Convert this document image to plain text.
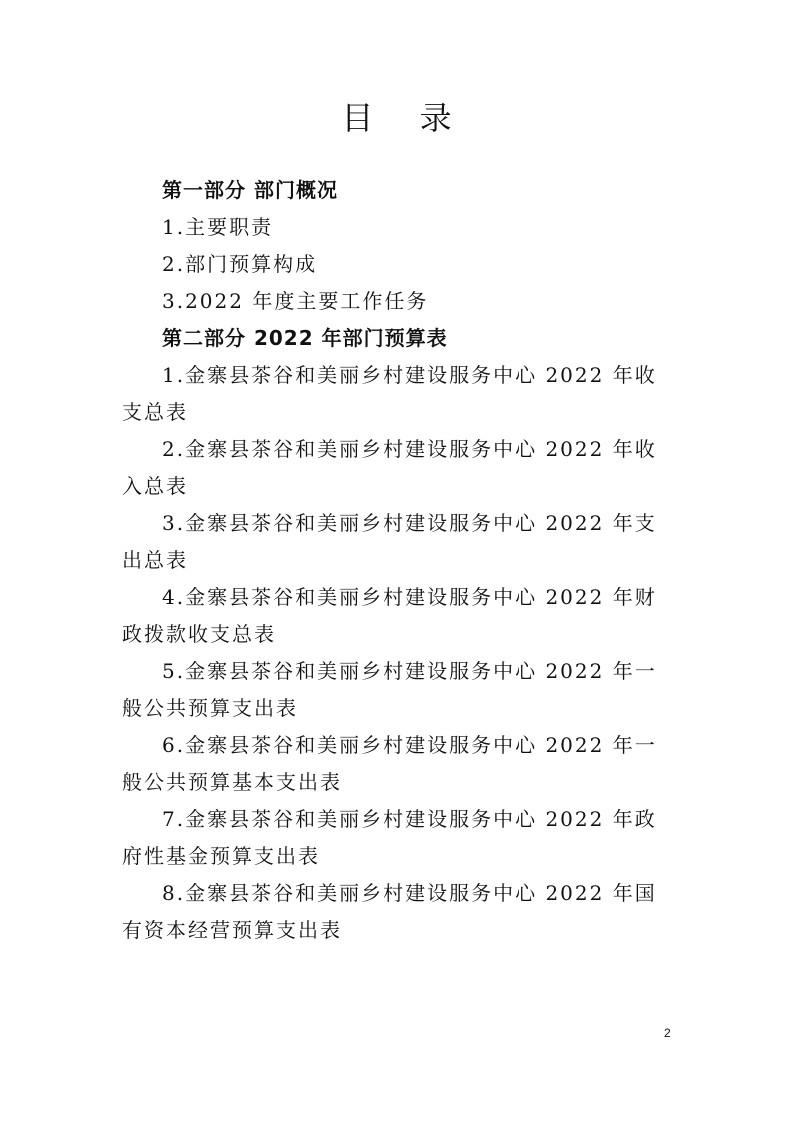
目 录

第一部分 部门概况

1.主要职责

2.部门预算构成

3.2022 年度主要工作任务

第二部分 2022 年部门预算表

1.金寨县茶谷和美丽乡村建设服务中心 2022 年收支总表

2.金寨县茶谷和美丽乡村建设服务中心 2022 年收入总表

3.金寨县茶谷和美丽乡村建设服务中心 2022 年支出总表

4.金寨县茶谷和美丽乡村建设服务中心 2022 年财政拨款收支总表

5.金寨县茶谷和美丽乡村建设服务中心 2022 年一般公共预算支出表

6.金寨县茶谷和美丽乡村建设服务中心 2022 年一般公共预算基本支出表

7.金寨县茶谷和美丽乡村建设服务中心 2022 年政府性基金预算支出表

8.金寨县茶谷和美丽乡村建设服务中心 2022 年国有资本经营预算支出表

2
